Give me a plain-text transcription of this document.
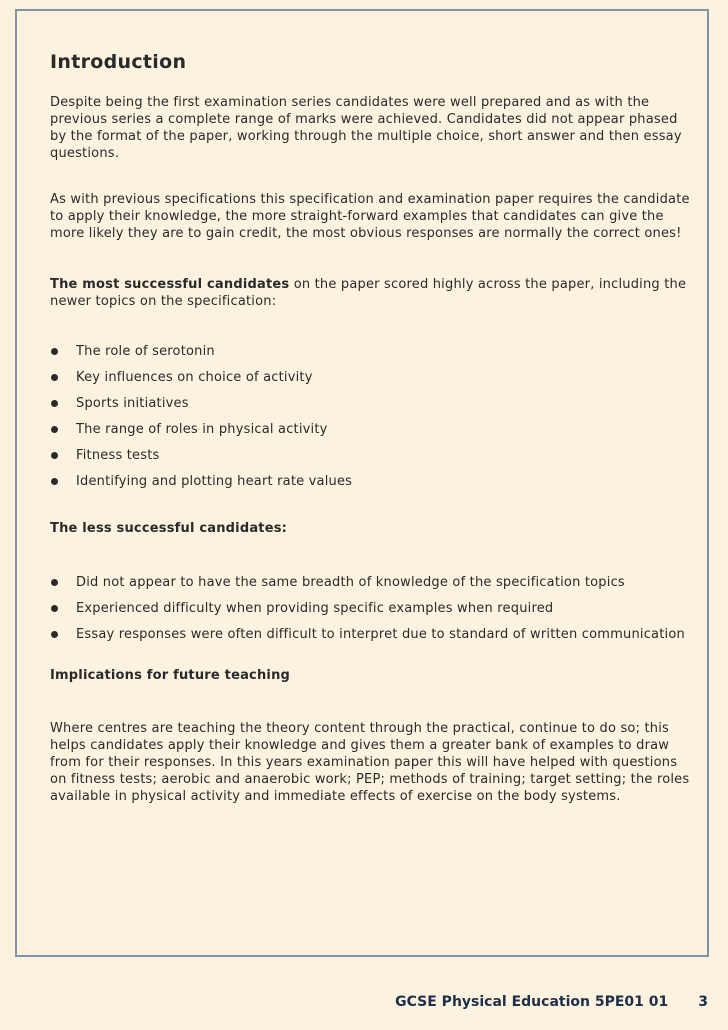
Introduction

Despite being the first examination series candidates were well prepared and as with the previous series a complete range of marks were achieved. Candidates did not appear phased by the format of the paper, working through the multiple choice, short answer and then essay questions.

As with previous specifications this specification and examination paper requires the candidate to apply their knowledge, the more straight-forward examples that candidates can give the more likely they are to gain credit, the most obvious responses are normally the correct ones!

The most successful candidates on the paper scored highly across the paper, including the newer topics on the specification:

The role of serotonin
Key influences on choice of activity
Sports initiatives
The range of roles in physical activity
Fitness tests
Identifying and plotting heart rate values

The less successful candidates:

Did not appear to have the same breadth of knowledge of the specification topics
Experienced difficulty when providing specific examples when required
Essay responses were often difficult to interpret due to standard of written communication

Implications for future teaching

Where centres are teaching the theory content through the practical, continue to do so; this helps candidates apply their knowledge and gives them a greater bank of examples to draw from for their responses. In this years examination paper this will have helped with questions on fitness tests; aerobic and anaerobic work; PEP; methods of training; target setting; the roles available in physical activity and immediate effects of exercise on the body systems.

GCSE Physical Education 5PE01 01 3
